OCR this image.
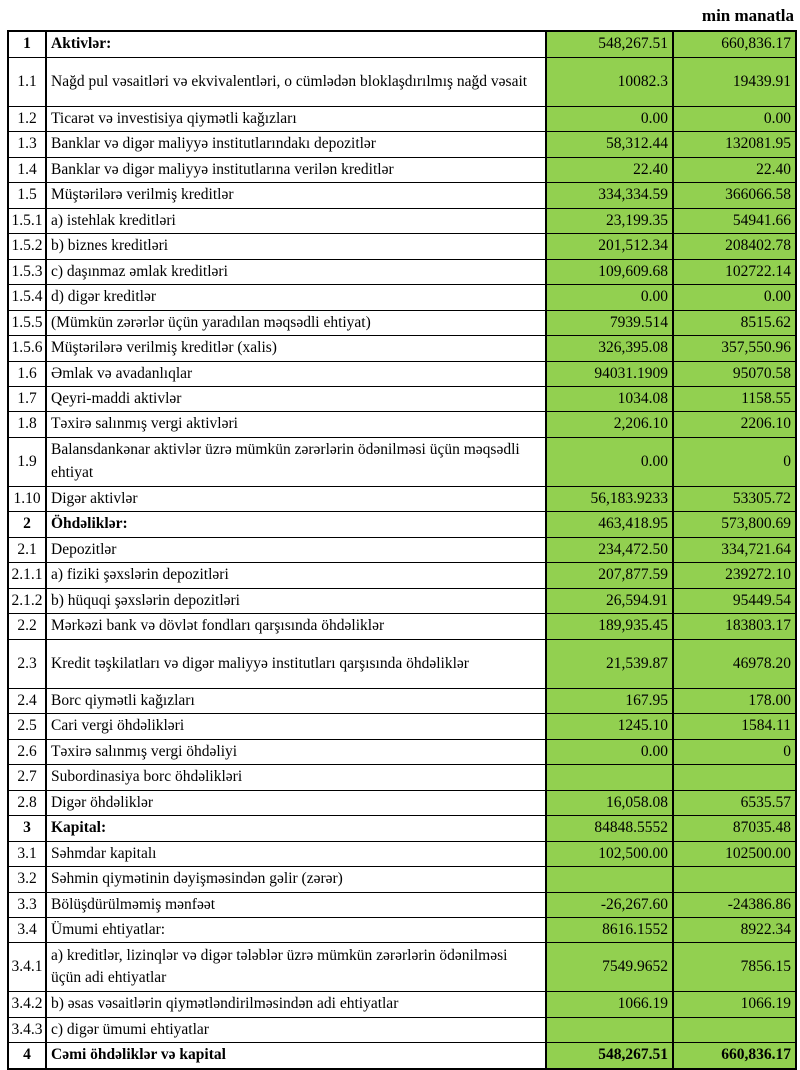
min manatla
1	Aktivlər:	548,267.51	660,836.17
1.1	Nağd pul vəsaitləri və ekvivalentləri, o cümlədən bloklaşdırılmış nağd vəsait	10082.3	19439.91
1.2	Ticarət və investisiya qiymətli kağızları	0.00	0.00
1.3	Banklar və digər maliyyə institutlarındakı depozitlər	58,312.44	132081.95
1.4	Banklar və digər maliyyə institutlarına verilən kreditlər	22.40	22.40
1.5	Müştərilərə verilmiş kreditlər	334,334.59	366066.58
1.5.1	a) istehlak kreditləri	23,199.35	54941.66
1.5.2	b) biznes kreditləri	201,512.34	208402.78
1.5.3	c) daşınmaz əmlak kreditləri	109,609.68	102722.14
1.5.4	d) digər kreditlər	0.00	0.00
1.5.5	(Mümkün zərərlər üçün yaradılan məqsədli ehtiyat)	7939.514	8515.62
1.5.6	Müştərilərə verilmiş kreditlər (xalis)	326,395.08	357,550.96
1.6	Əmlak və avadanlıqlar	94031.1909	95070.58
1.7	Qeyri-maddi aktivlər	1034.08	1158.55
1.8	Təxirə salınmış vergi aktivləri	2,206.10	2206.10
1.9	Balansdankənar aktivlər üzrə mümkün zərərlərin ödənilməsi üçün məqsədli ehtiyat	0.00	0
1.10	Digər aktivlər	56,183.9233	53305.72
2	Öhdəliklər:	463,418.95	573,800.69
2.1	Depozitlər	234,472.50	334,721.64
2.1.1	a) fiziki şəxslərin depozitləri	207,877.59	239272.10
2.1.2	b) hüquqi şəxslərin depozitləri	26,594.91	95449.54
2.2	Mərkəzi bank və dövlət fondları qarşısında öhdəliklər	189,935.45	183803.17
2.3	Kredit təşkilatları və digər maliyyə institutları qarşısında öhdəliklər	21,539.87	46978.20
2.4	Borc qiymətli kağızları	167.95	178.00
2.5	Cari vergi öhdəlikləri	1245.10	1584.11
2.6	Təxirə salınmış vergi öhdəliyi	0.00	0
2.7	Subordinasiya borc öhdəlikləri		
2.8	Digər öhdəliklər	16,058.08	6535.57
3	Kapital:	84848.5552	87035.48
3.1	Səhmdar kapitalı	102,500.00	102500.00
3.2	Səhmin qiymətinin dəyişməsindən gəlir (zərər)		
3.3	Bölüşdürülməmiş mənfəət	-26,267.60	-24386.86
3.4	Ümumi ehtiyatlar:	8616.1552	8922.34
3.4.1	a) kreditlər, lizinqlər və digər tələblər üzrə mümkün zərərlərin ödənilməsi üçün adi ehtiyatlar	7549.9652	7856.15
3.4.2	b) əsas vəsaitlərin qiymətləndirilməsindən adi ehtiyatlar	1066.19	1066.19
3.4.3	c) digər ümumi ehtiyatlar		
4	Cəmi öhdəliklər və kapital	548,267.51	660,836.17
